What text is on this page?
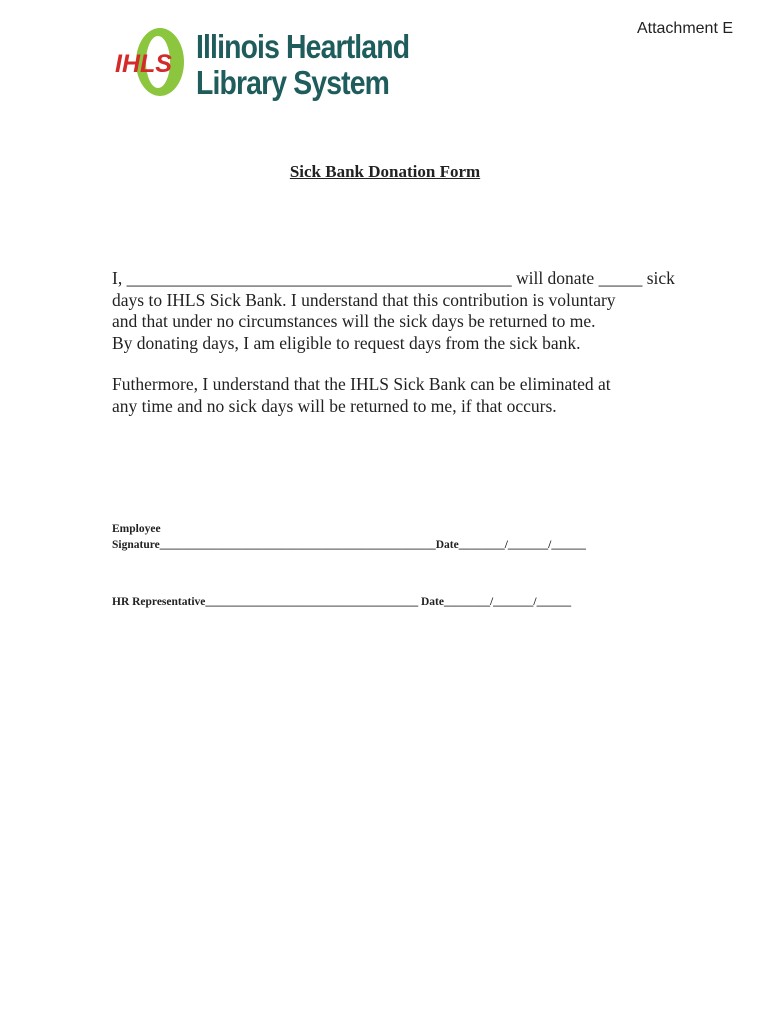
Attachment E
IHLS Illinois Heartland
Library System
Sick Bank Donation Form
I, ____________________________________________ will donate _____ sick
days to IHLS Sick Bank. I understand that this contribution is voluntary
and that under no circumstances will the sick days be returned to me.
By donating days, I am eligible to request days from the sick bank.
Futhermore, I understand that the IHLS Sick Bank can be eliminated at
any time and no sick days will be returned to me, if that occurs.
Employee
Signature________________________________________________Date________/_______/______
HR Representative_____________________________________ Date________/_______/______
